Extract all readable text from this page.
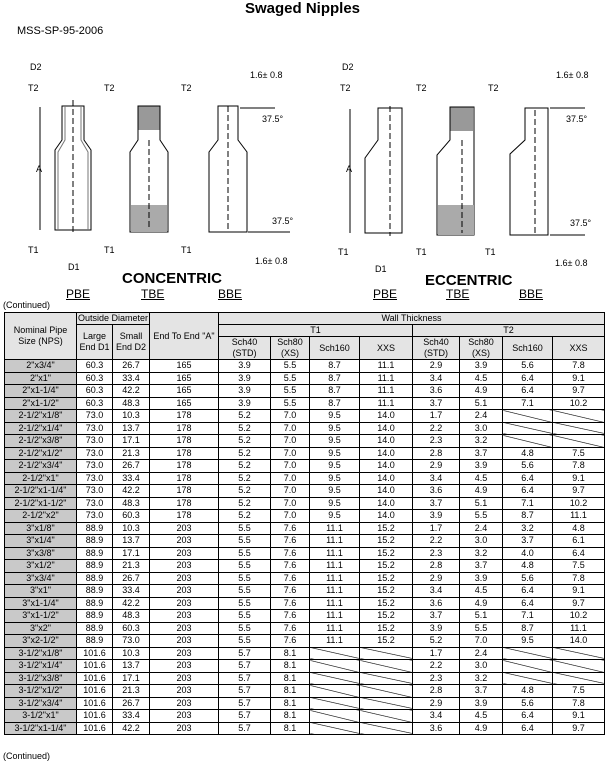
Swaged Nipples
MSS-SP-95-2006
D2
T2
A
T1
D1
T2
T1
T2
T1
1.6± 0.8
37.5°
37.5°
1.6± 0.8
D2
T2
A
T1
D1
T2
T1
T2
T1
1.6± 0.8
37.5°
37.5°
1.6± 0.8
PBE	TBE	BBE	PBE	TBE	BBE
CONCENTRIC	ECCENTRIC
(Continued)
Nominal Pipe Size (NPS)	Outside Diameter		End To End "A"	Wall Thickness							
	Large End D1	Small End D2		T1				T2			
				Sch40 (STD)	Sch80 (XS)	Sch160	XXS	Sch40 (STD)	Sch80 (XS)	Sch160	XXS
2"x3/4"	60.3	26.7	165	3.9	5.5	8.7	11.1	2.9	3.9	5.6	7.8
2"x1"	60.3	33.4	165	3.9	5.5	8.7	11.1	3.4	4.5	6.4	9.1
2"x1-1/4"	60.3	42.2	165	3.9	5.5	8.7	11.1	3.6	4.9	6.4	9.7
2"x1-1/2"	60.3	48.3	165	3.9	5.5	8.7	11.1	3.7	5.1	7.1	10.2
2-1/2"x1/8"	73.0	10.3	178	5.2	7.0	9.5	14.0	1.7	2.4		
2-1/2"x1/4"	73.0	13.7	178	5.2	7.0	9.5	14.0	2.2	3.0		
2-1/2"x3/8"	73.0	17.1	178	5.2	7.0	9.5	14.0	2.3	3.2		
2-1/2"x1/2"	73.0	21.3	178	5.2	7.0	9.5	14.0	2.8	3.7	4.8	7.5
2-1/2"x3/4"	73.0	26.7	178	5.2	7.0	9.5	14.0	2.9	3.9	5.6	7.8
2-1/2"x1"	73.0	33.4	178	5.2	7.0	9.5	14.0	3.4	4.5	6.4	9.1
2-1/2"x1-1/4"	73.0	42.2	178	5.2	7.0	9.5	14.0	3.6	4.9	6.4	9.7
2-1/2"x1-1/2"	73.0	48.3	178	5.2	7.0	9.5	14.0	3.7	5.1	7.1	10.2
2-1/2"x2"	73.0	60.3	178	5.2	7.0	9.5	14.0	3.9	5.5	8.7	11.1
3"x1/8"	88.9	10.3	203	5.5	7.6	11.1	15.2	1.7	2.4	3.2	4.8
3"x1/4"	88.9	13.7	203	5.5	7.6	11.1	15.2	2.2	3.0	3.7	6.1
3"x3/8"	88.9	17.1	203	5.5	7.6	11.1	15.2	2.3	3.2	4.0	6.4
3"x1/2"	88.9	21.3	203	5.5	7.6	11.1	15.2	2.8	3.7	4.8	7.5
3"x3/4"	88.9	26.7	203	5.5	7.6	11.1	15.2	2.9	3.9	5.6	7.8
3"x1"	88.9	33.4	203	5.5	7.6	11.1	15.2	3.4	4.5	6.4	9.1
3"x1-1/4"	88.9	42.2	203	5.5	7.6	11.1	15.2	3.6	4.9	6.4	9.7
3"x1-1/2"	88.9	48.3	203	5.5	7.6	11.1	15.2	3.7	5.1	7.1	10.2
3"x2"	88.9	60.3	203	5.5	7.6	11.1	15.2	3.9	5.5	8.7	11.1
3"x2-1/2"	88.9	73.0	203	5.5	7.6	11.1	15.2	5.2	7.0	9.5	14.0
3-1/2"x1/8"	101.6	10.3	203	5.7	8.1			1.7	2.4		
3-1/2"x1/4"	101.6	13.7	203	5.7	8.1			2.2	3.0		
3-1/2"x3/8"	101.6	17.1	203	5.7	8.1			2.3	3.2		
3-1/2"x1/2"	101.6	21.3	203	5.7	8.1			2.8	3.7	4.8	7.5
3-1/2"x3/4"	101.6	26.7	203	5.7	8.1			2.9	3.9	5.6	7.8
3-1/2"x1"	101.6	33.4	203	5.7	8.1			3.4	4.5	6.4	9.1
3-1/2"x1-1/4"	101.6	42.2	203	5.7	8.1			3.6	4.9	6.4	9.7
(Continued)
